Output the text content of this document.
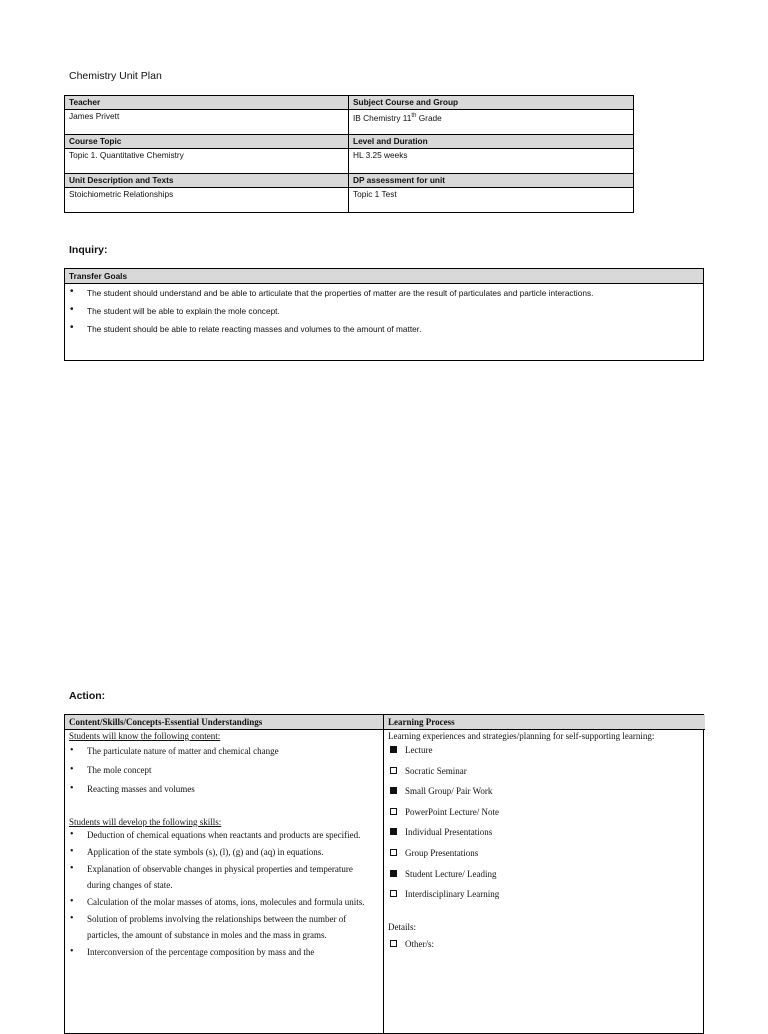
Chemistry Unit Plan
Teacher	Subject Course and Group
James Privett	IB Chemistry 11th Grade
Course Topic	Level and Duration
Topic 1. Quantitative Chemistry	HL 3.25 weeks
Unit Description and Texts	DP assessment for unit
Stoichiometric Relationships	Topic 1 Test
Inquiry:
Transfer Goals
• The student should understand and be able to articulate that the properties of matter are the result of particulates and particle interactions.
• The student will be able to explain the mole concept.
• The student should be able to relate reacting masses and volumes to the amount of matter.
Action:
Content/Skills/Concepts-Essential Understandings
Students will know the following content:
• The particulate nature of matter and chemical change
• The mole concept
• Reacting masses and volumes
Students will develop the following skills:
• Deduction of chemical equations when reactants and products are specified.
• Application of the state symbols (s), (l), (g) and (aq) in equations.
• Explanation of observable changes in physical properties and temperature during changes of state.
• Calculation of the molar masses of atoms, ions, molecules and formula units.
• Solution of problems involving the relationships between the number of particles, the amount of substance in moles and the mass in grams.
• Interconversion of the percentage composition by mass and the
Learning Process
Learning experiences and strategies/planning for self-supporting learning:
Lecture
Socratic Seminar
Small Group/ Pair Work
PowerPoint Lecture/ Note
Individual Presentations
Group Presentations
Student Lecture/ Leading
Interdisciplinary Learning
Details:
Other/s:
